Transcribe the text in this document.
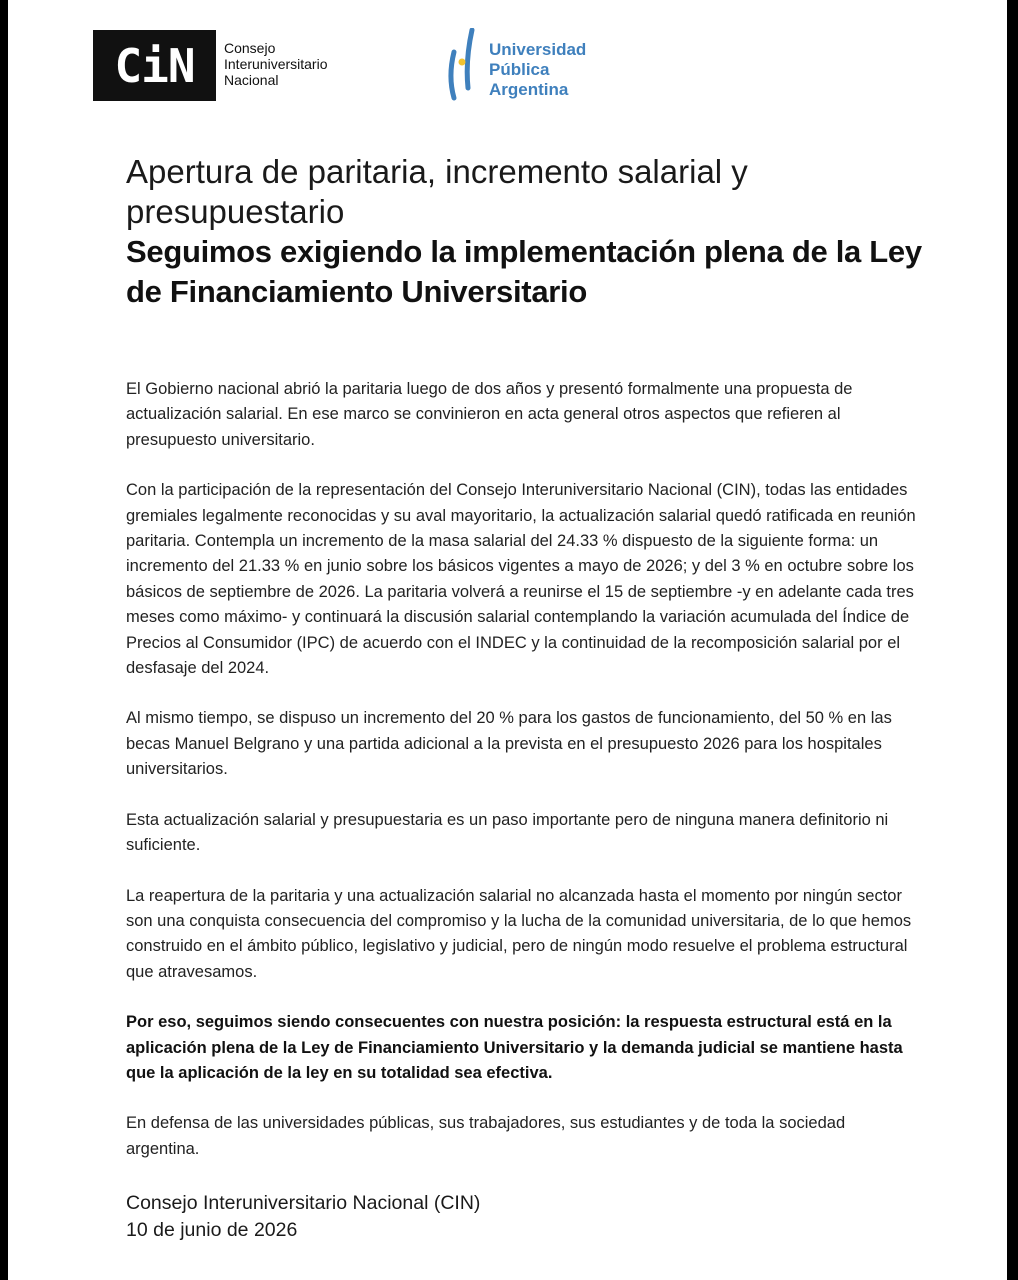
CiN	Consejo
Interuniversitario
Nacional
Universidad
Pública
Argentina
Apertura de paritaria, incremento salarial y presupuestario
Seguimos exigiendo la implementación plena de la Ley de Financiamiento Universitario

El Gobierno nacional abrió la paritaria luego de dos años y presentó formalmente una propuesta de actualización salarial. En ese marco se convinieron en acta general otros aspectos que refieren al presupuesto universitario.

Con la participación de la representación del Consejo Interuniversitario Nacional (CIN), todas las entidades gremiales legalmente reconocidas y su aval mayoritario, la actualización salarial quedó ratificada en reunión paritaria. Contempla un incremento de la masa salarial del 24.33 % dispuesto de la siguiente forma: un incremento del 21.33 % en junio sobre los básicos vigentes a mayo de 2026; y del 3 % en octubre sobre los básicos de septiembre de 2026. La paritaria volverá a reunirse el 15 de septiembre -y en adelante cada tres meses como máximo- y continuará la discusión salarial contemplando la variación acumulada del Índice de Precios al Consumidor (IPC) de acuerdo con el INDEC y la continuidad de la recomposición salarial por el desfasaje del 2024.

Al mismo tiempo, se dispuso un incremento del 20 % para los gastos de funcionamiento, del 50 % en las becas Manuel Belgrano y una partida adicional a la prevista en el presupuesto 2026 para los hospitales universitarios.

Esta actualización salarial y presupuestaria es un paso importante pero de ninguna manera definitorio ni suficiente.

La reapertura de la paritaria y una actualización salarial no alcanzada hasta el momento por ningún sector son una conquista consecuencia del compromiso y la lucha de la comunidad universitaria, de lo que hemos construido en el ámbito público, legislativo y judicial, pero de ningún modo resuelve el problema estructural que atravesamos.

Por eso, seguimos siendo consecuentes con nuestra posición: la respuesta estructural está en la aplicación plena de la Ley de Financiamiento Universitario y la demanda judicial se mantiene hasta que la aplicación de la ley en su totalidad sea efectiva.

En defensa de las universidades públicas, sus trabajadores, sus estudiantes y de toda la sociedad argentina.

Consejo Interuniversitario Nacional (CIN)
10 de junio de 2026
